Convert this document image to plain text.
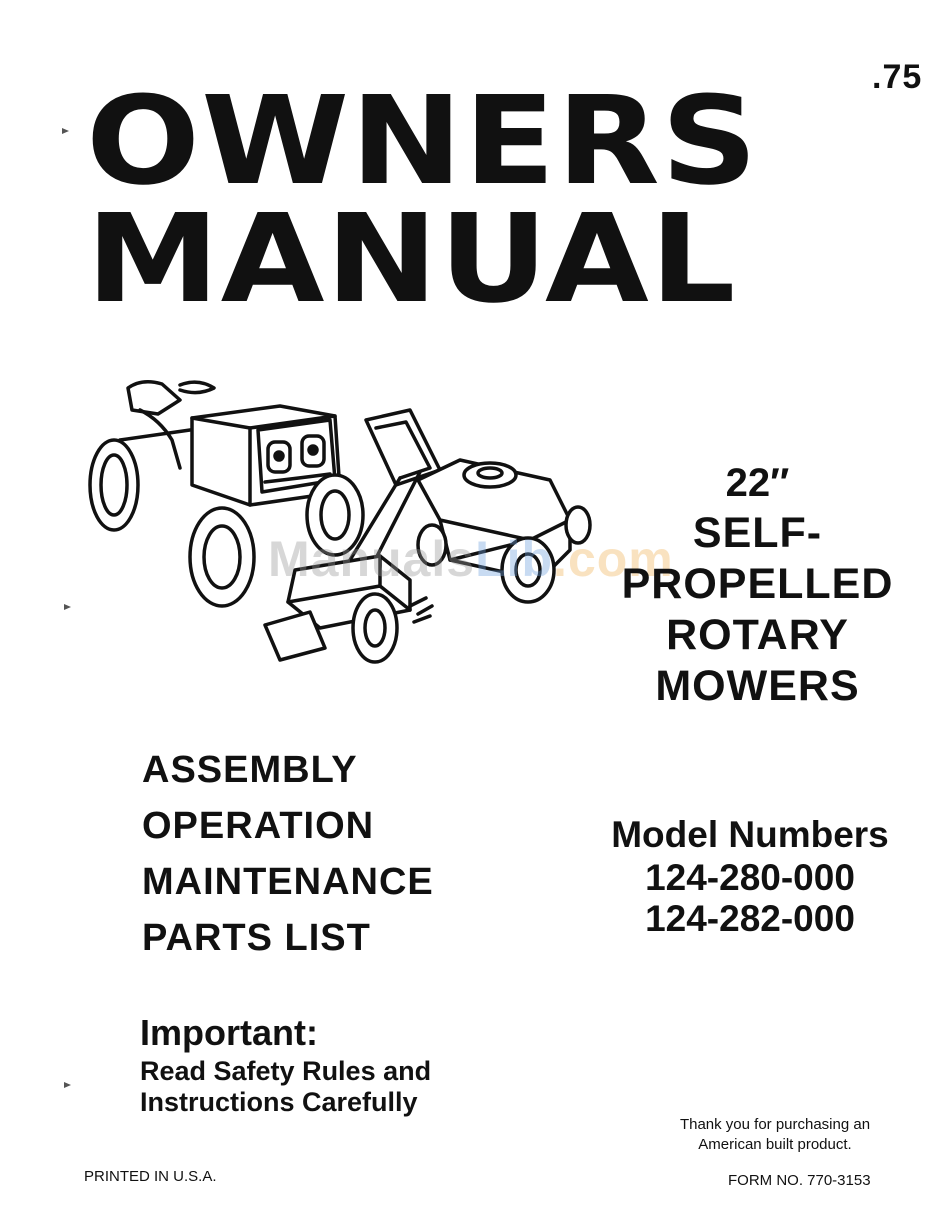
.75
OWNERS
MANUAL
ManualsLib.com
22″
SELF-
PROPELLED
ROTARY
MOWERS
ASSEMBLY
OPERATION
MAINTENANCE
PARTS LIST
Model Numbers
124-280-000
124-282-000
Important:
Read Safety Rules and
Instructions Carefully
Thank you for purchasing an
American built product.
PRINTED IN U.S.A.	FORM NO. 770-3153
